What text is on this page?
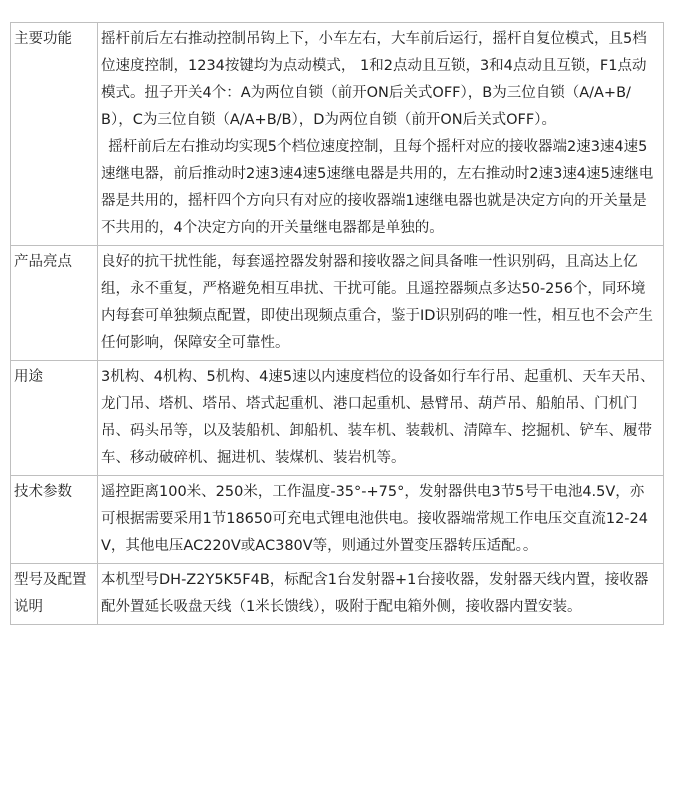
主要功能	摇杆前后左右推动控制吊钩上下，小车左右，大车前后运行，摇杆自复位模式，且5档位速度控制，1234按键均为点动模式， 1和2点动且互锁，3和4点动且互锁，F1点动模式。扭子开关4个：A为两位自锁（前开ON后关式OFF），B为三位自锁（A/A+B/B），C为三位自锁（A/A+B/B），D为两位自锁（前开ON后关式OFF）。

摇杆前后左右推动均实现5个档位速度控制，且每个摇杆对应的接收器端2速3速4速5速继电器，前后推动时2速3速4速5速继电器是共用的，左右推动时2速3速4速5速继电器是共用的，摇杆四个方向只有对应的接收器端1速继电器也就是决定方向的开关量是不共用的，4个决定方向的开关量继电器都是单独的。

产品亮点	良好的抗干扰性能，每套遥控器发射器和接收器之间具备唯一性识别码，且高达上亿组，永不重复，严格避免相互串扰、干扰可能。且遥控器频点多达50-256个，同环境内每套可单独频点配置，即使出现频点重合，鉴于ID识别码的唯一性，相互也不会产生任何影响，保障安全可靠性。

用途	3机构、4机构、5机构、4速5速以内速度档位的设备如行车行吊、起重机、天车天吊、龙门吊、塔机、塔吊、塔式起重机、港口起重机、悬臂吊、葫芦吊、船舶吊、门机门吊、码头吊等，以及装船机、卸船机、装车机、装载机、清障车、挖掘机、铲车、履带车、移动破碎机、掘进机、装煤机、装岩机等。

技术参数	遥控距离100米、250米，工作温度-35°-+75°，发射器供电3节5号干电池4.5V，亦可根据需要采用1节18650可充电式锂电池供电。接收器端常规工作电压交直流12-24V，其他电压AC220V或AC380V等，则通过外置变压器转压适配。。

型号及配置说明	本机型号DH-Z2Y5K5F4B，标配含1台发射器+1台接收器，发射器天线内置，接收器配外置延长吸盘天线（1米长馈线），吸附于配电箱外侧，接收器内置安装。
